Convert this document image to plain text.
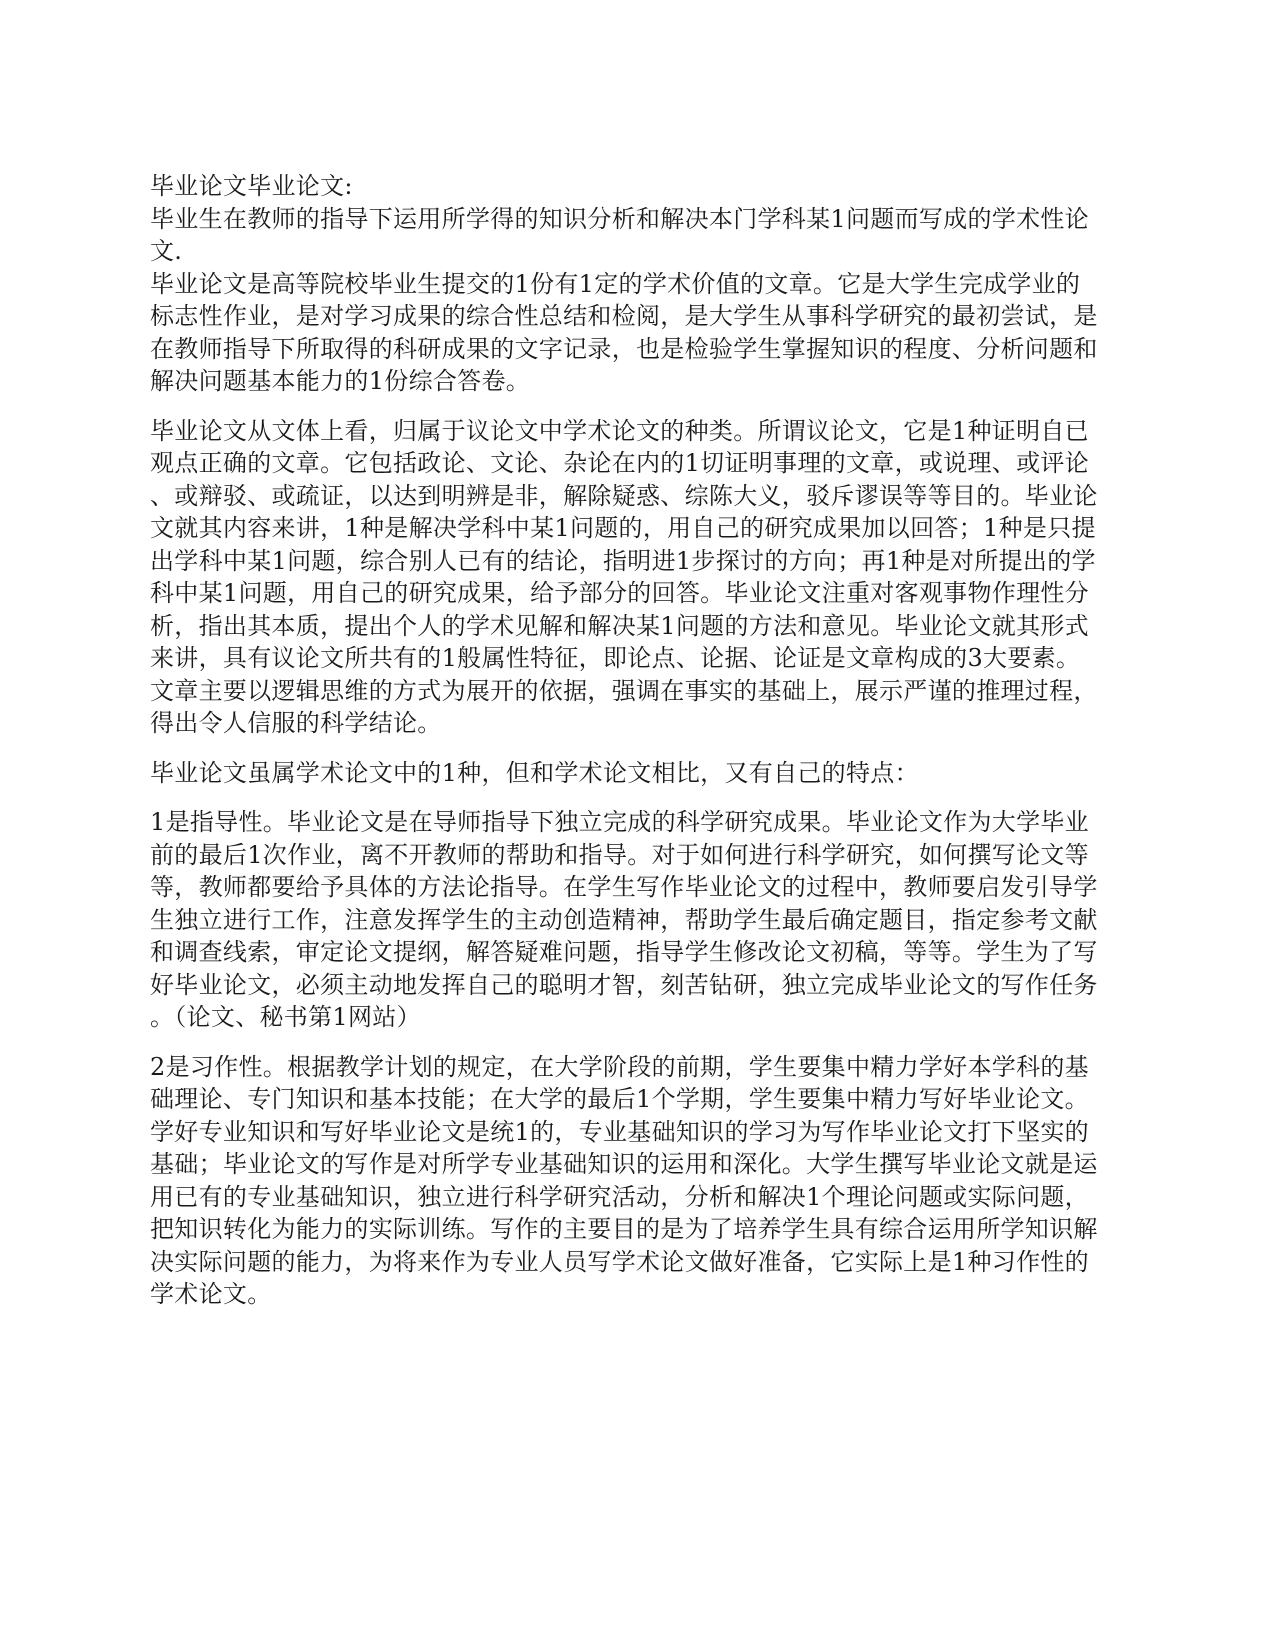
毕业论文毕业论文:
毕业生在教师的指导下运用所学得的知识分析和解决本门学科某1问题而写成的学术性论
文.
毕业论文是高等院校毕业生提交的1份有1定的学术价值的文章。它是大学生完成学业的
标志性作业，是对学习成果的综合性总结和检阅，是大学生从事科学研究的最初尝试，是
在教师指导下所取得的科研成果的文字记录，也是检验学生掌握知识的程度、分析问题和
解决问题基本能力的1份综合答卷。
毕业论文从文体上看，归属于议论文中学术论文的种类。所谓议论文，它是1种证明自已
观点正确的文章。它包括政论、文论、杂论在内的1切证明事理的文章，或说理、或评论
、或辩驳、或疏证，以达到明辨是非，解除疑惑、综陈大义，驳斥谬误等等目的。毕业论
文就其内容来讲，1种是解决学科中某1问题的，用自己的研究成果加以回答；1种是只提
出学科中某1问题，综合别人已有的结论，指明进1步探讨的方向；再1种是对所提出的学
科中某1问题，用自己的研究成果，给予部分的回答。毕业论文注重对客观事物作理性分
析，指出其本质，提出个人的学术见解和解决某1问题的方法和意见。毕业论文就其形式
来讲，具有议论文所共有的1般属性特征，即论点、论据、论证是文章构成的3大要素。
文章主要以逻辑思维的方式为展开的依据，强调在事实的基础上，展示严谨的推理过程，
得出令人信服的科学结论。
毕业论文虽属学术论文中的1种，但和学术论文相比，又有自己的特点：
1是指导性。毕业论文是在导师指导下独立完成的科学研究成果。毕业论文作为大学毕业
前的最后1次作业，离不开教师的帮助和指导。对于如何进行科学研究，如何撰写论文等
等，教师都要给予具体的方法论指导。在学生写作毕业论文的过程中，教师要启发引导学
生独立进行工作，注意发挥学生的主动创造精神，帮助学生最后确定题目，指定参考文献
和调查线索，审定论文提纲，解答疑难问题，指导学生修改论文初稿，等等。学生为了写
好毕业论文，必须主动地发挥自己的聪明才智，刻苦钻研，独立完成毕业论文的写作任务
。（论文、秘书第1网站）
2是习作性。根据教学计划的规定，在大学阶段的前期，学生要集中精力学好本学科的基
础理论、专门知识和基本技能；在大学的最后1个学期，学生要集中精力写好毕业论文。
学好专业知识和写好毕业论文是统1的，专业基础知识的学习为写作毕业论文打下坚实的
基础；毕业论文的写作是对所学专业基础知识的运用和深化。大学生撰写毕业论文就是运
用已有的专业基础知识，独立进行科学研究活动，分析和解决1个理论问题或实际问题，
把知识转化为能力的实际训练。写作的主要目的是为了培养学生具有综合运用所学知识解
决实际问题的能力，为将来作为专业人员写学术论文做好准备，它实际上是1种习作性的
学术论文。
